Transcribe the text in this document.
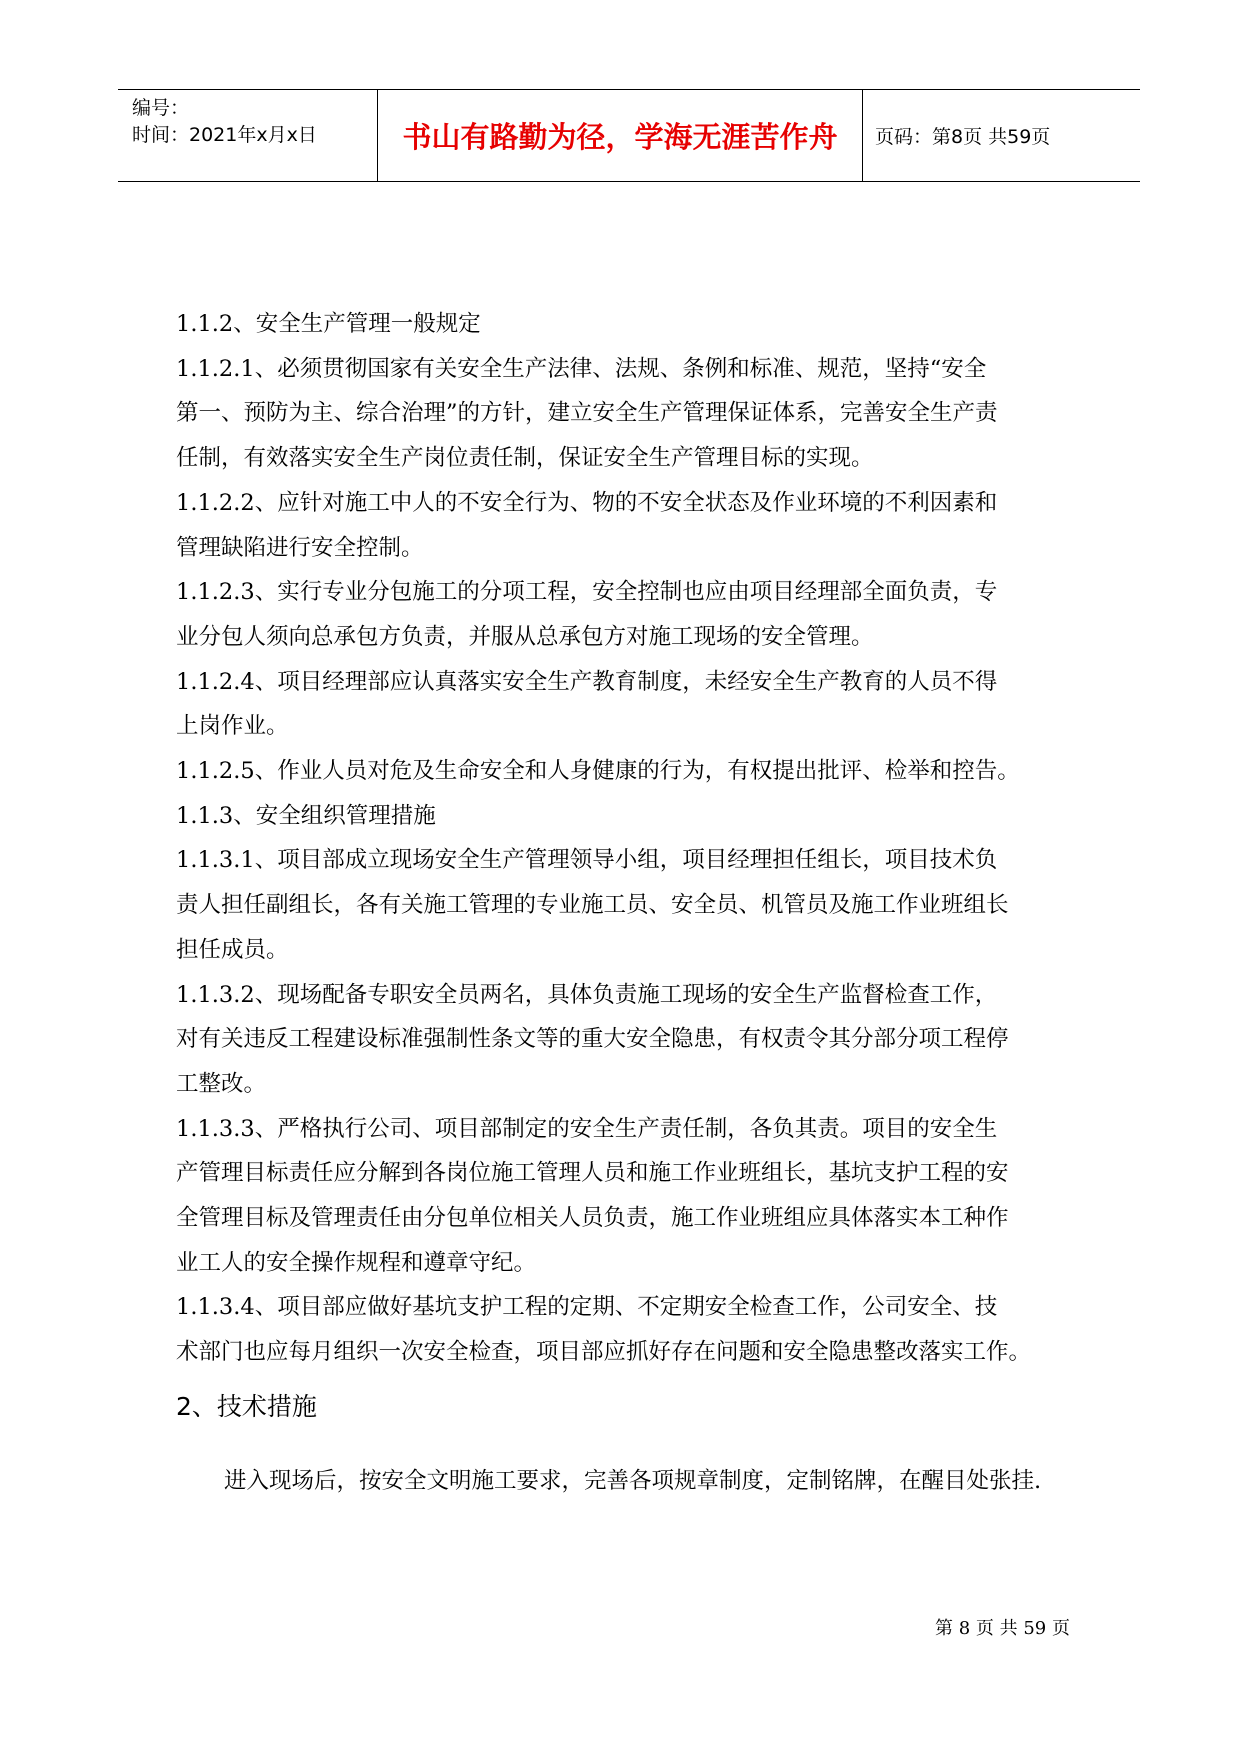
编号：
时间：2021年x月x日	书山有路勤为径，学海无涯苦作舟	页码：第8页 共59页

1.1.2、安全生产管理一般规定

1.1.2.1、必须贯彻国家有关安全生产法律、法规、条例和标准、规范，坚持“安全

第一、预防为主、综合治理”的方针，建立安全生产管理保证体系，完善安全生产责

任制，有效落实安全生产岗位责任制，保证安全生产管理目标的实现。

1.1.2.2、应针对施工中人的不安全行为、物的不安全状态及作业环境的不利因素和

管理缺陷进行安全控制。

1.1.2.3、实行专业分包施工的分项工程，安全控制也应由项目经理部全面负责，专

业分包人须向总承包方负责，并服从总承包方对施工现场的安全管理。

1.1.2.4、项目经理部应认真落实安全生产教育制度，未经安全生产教育的人员不得

上岗作业。

1.1.2.5、作业人员对危及生命安全和人身健康的行为，有权提出批评、检举和控告。

1.1.3、安全组织管理措施

1.1.3.1、项目部成立现场安全生产管理领导小组，项目经理担任组长，项目技术负

责人担任副组长，各有关施工管理的专业施工员、安全员、机管员及施工作业班组长

担任成员。

1.1.3.2、现场配备专职安全员两名，具体负责施工现场的安全生产监督检查工作，

对有关违反工程建设标准强制性条文等的重大安全隐患，有权责令其分部分项工程停

工整改。

1.1.3.3、严格执行公司、项目部制定的安全生产责任制，各负其责。项目的安全生

产管理目标责任应分解到各岗位施工管理人员和施工作业班组长，基坑支护工程的安

全管理目标及管理责任由分包单位相关人员负责，施工作业班组应具体落实本工种作

业工人的安全操作规程和遵章守纪。

1.1.3.4、项目部应做好基坑支护工程的定期、不定期安全检查工作，公司安全、技

术部门也应每月组织一次安全检查，项目部应抓好存在问题和安全隐患整改落实工作。

2、技术措施

进入现场后，按安全文明施工要求，完善各项规章制度，定制铭牌，在醒目处张挂.

第 8 页 共 59 页
